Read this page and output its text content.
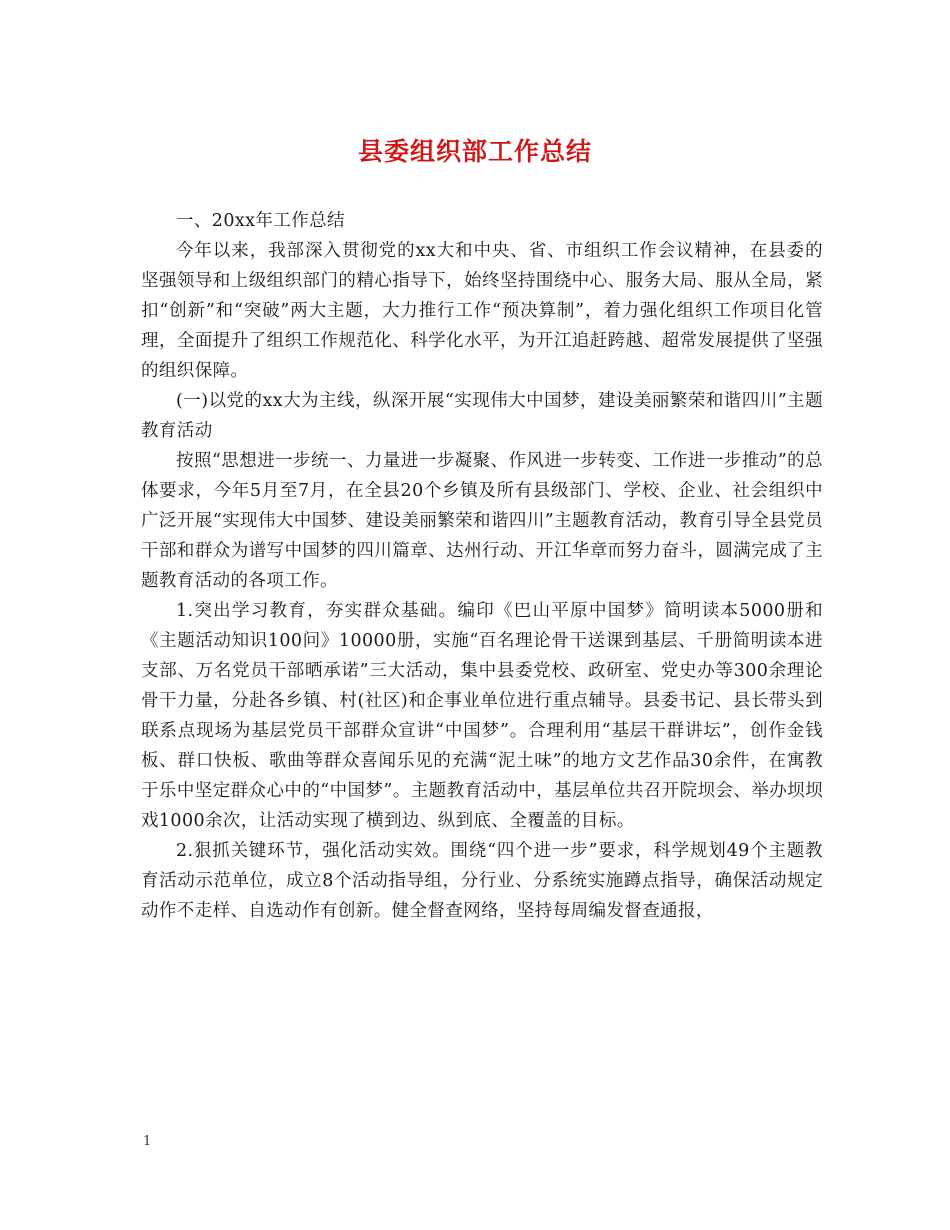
县委组织部工作总结

一、20xx年工作总结

今年以来，我部深入贯彻党的xx大和中央、省、市组织工作会议精神，在县委的坚强领导和上级组织部门的精心指导下，始终坚持围绕中心、服务大局、服从全局，紧扣“创新”和“突破”两大主题，大力推行工作“预决算制”，着力强化组织工作项目化管理，全面提升了组织工作规范化、科学化水平，为开江追赶跨越、超常发展提供了坚强的组织保障。

(一)以党的xx大为主线，纵深开展“实现伟大中国梦，建设美丽繁荣和谐四川”主题教育活动

按照“思想进一步统一、力量进一步凝聚、作风进一步转变、工作进一步推动”的总体要求，今年5月至7月，在全县20个乡镇及所有县级部门、学校、企业、社会组织中广泛开展“实现伟大中国梦、建设美丽繁荣和谐四川”主题教育活动，教育引导全县党员干部和群众为谱写中国梦的四川篇章、达州行动、开江华章而努力奋斗，圆满完成了主题教育活动的各项工作。

1.突出学习教育，夯实群众基础。编印《巴山平原中国梦》简明读本5000册和《主题活动知识100问》10000册，实施“百名理论骨干送课到基层、千册简明读本进支部、万名党员干部晒承诺”三大活动，集中县委党校、政研室、党史办等300余理论骨干力量，分赴各乡镇、村(社区)和企事业单位进行重点辅导。县委书记、县长带头到联系点现场为基层党员干部群众宣讲“中国梦”。合理利用“基层干群讲坛”，创作金钱板、群口快板、歌曲等群众喜闻乐见的充满“泥土味”的地方文艺作品30余件，在寓教于乐中坚定群众心中的“中国梦”。主题教育活动中，基层单位共召开院坝会、举办坝坝戏1000余次，让活动实现了横到边、纵到底、全覆盖的目标。

2.狠抓关键环节，强化活动实效。围绕“四个进一步”要求，科学规划49个主题教育活动示范单位，成立8个活动指导组，分行业、分系统实施蹲点指导，确保活动规定动作不走样、自选动作有创新。健全督查网络，坚持每周编发督查通报，

1
